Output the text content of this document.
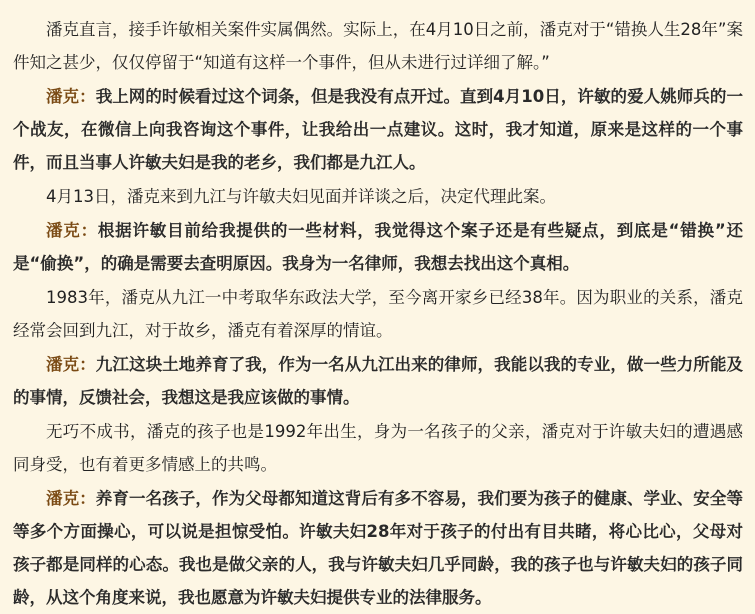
潘克直言，接手许敏相关案件实属偶然。实际上，在4月10日之前，潘克对于“错换人生28年”案件知之甚少，仅仅停留于“知道有这样一个事件，但从未进行过详细了解。”

潘克：我上网的时候看过这个词条，但是我没有点开过。直到4月10日，许敏的爱人姚师兵的一个战友，在微信上向我咨询这个事件，让我给出一点建议。这时，我才知道，原来是这样的一个事件，而且当事人许敏夫妇是我的老乡，我们都是九江人。

4月13日，潘克来到九江与许敏夫妇见面并详谈之后，决定代理此案。

潘克：根据许敏目前给我提供的一些材料，我觉得这个案子还是有些疑点，到底是“错换”还是“偷换”，的确是需要去查明原因。我身为一名律师，我想去找出这个真相。

1983年，潘克从九江一中考取华东政法大学，至今离开家乡已经38年。因为职业的关系，潘克经常会回到九江，对于故乡，潘克有着深厚的情谊。

潘克：九江这块土地养育了我，作为一名从九江出来的律师，我能以我的专业，做一些力所能及的事情，反馈社会，我想这是我应该做的事情。

无巧不成书，潘克的孩子也是1992年出生，身为一名孩子的父亲，潘克对于许敏夫妇的遭遇感同身受，也有着更多情感上的共鸣。

潘克：养育一名孩子，作为父母都知道这背后有多不容易，我们要为孩子的健康、学业、安全等等多个方面操心，可以说是担惊受怕。许敏夫妇28年对于孩子的付出有目共睹，将心比心，父母对孩子都是同样的心态。我也是做父亲的人，我与许敏夫妇几乎同龄，我的孩子也与许敏夫妇的孩子同龄，从这个角度来说，我也愿意为许敏夫妇提供专业的法律服务。
